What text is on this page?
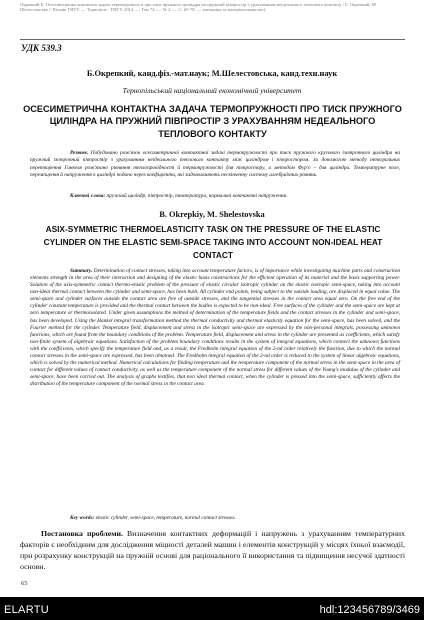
Окрепкий Б. Осесиметрична контактна задача термопружності про тиск пружного циліндра на пружний півпростір з урахуванням неідеального теплового контакту / Б. Окрепкий, М. Шелестовська // Вісник ТНТУ. — Тернопіль : ТНТУ, 2014. — Том 74. — № 2. — С. 65-78. — (механіка та матеріалознавство).
УДК 539.3
Б.Окрепкий, канд.фіз.-мат.наук; М.Шелестовська, канд.техн.наук
Тернопільський національний економічний університет
ОСЕСИМЕТРИЧНА КОНТАКТНА ЗАДАЧА ТЕРМОПРУЖНОСТІ ПРО ТИСК ПРУЖНОГО ЦИЛІНДРА НА ПРУЖНИЙ ПІВПРОСТІР З УРАХУВАННЯМ НЕДЕАЛЬНОГО ТЕПЛОВОГО КОНТАКТУ
Резюме. Побудовано розв'язок осесиметричної контактної задачі термопружності про тиск пружного кругового ізотропного циліндра на пружний ізотропний півпростір з урахуванням неідеального теплового контакту між циліндром і півпростором. За допомогою методу інтегральних перетворення Ганкеля розв'язано рівняння теплопровідності й термопружності для півпростору, а методом Фур'є – для циліндра. Температурне поле, переміщення й напруження в циліндрі подано через коефіцієнти, які задовольняють нескінченну систему алгебраїчних рівнянь.
Ключові слова: пружний циліндр, півпростір, температура, нормальні контактні напруження.
B. Okrepkiy, M. Shelestovska
ASIX-SYMMETRIC THERMOELASTICITY TASK ON THE PRESSURE OF THE ELASTIC CYLINDER ON THE ELASTIC SEMI-SPACE TAKING INTO ACCOUNT NON-IDEAL HEAT CONTACT
Summary. Determination of contact stresses, taking into account temperature factors, is of importance while investigating machine parts and construction elements strength in the area of their interaction and designing of the elastic basis constructions for the efficient operation of its material and the basis supporting power. Solution of the axis-symmetric contact thermo-elastic problem of the pressure of elastic circular isotropic cylinder on the elastic isotropic semi-space, taking into account non-ideal thermal contact between the cylinder and semi-space, has been built. All cylinder end points, being subject to the outside loading, are displaced in equal value. The semi-space and cylinder surfaces outside the contact area are free of outside stresses, and the tangential stresses in the contact area equal zero. On the free end of the cylinder constant temperature is provided and the thermal contact between the bodies is expected to be non-ideal. Free surfaces of the cylinder and the semi-space are kept at zero temperature or thermoisolated. Under given assumptions the method of determination of the temperature fields and the contact stresses in the cylinder and semi-space, has been developed. Using the Hankel integral transformation method the thermal conductivity and thermal elasticity equation for the semi-space, has been solved, and the Fourier method for the cylinder. Temperature field, displacement and stress in the isotropic semi-space are expressed by the non-personal integrals, possessing unknown functions, which are found from the boundary conditions of the problem. Temperature field, displacement and stress in the cylinder are presented as coefficients, which satisfy non-finite system of algebraic equations. Satisfaction of the problem boundary conditions results in the system of integral equations, which connect the unknown functions with the coefficients, which specify the temperature field and, as a result, the Fredholm integral equation of the 2-nd order relatively the function, due to which the normal contact stresses in the semi-space are expressed, has been obtained. The Fredholm integral equation of the 2-nd order is reduced to the system of linear algebraic equations, which is solved by the numerical method. Numerical calculations for finding temperature and the temperature component of the normal stress in the semi-space in the area of contact for different values of contact conductivity, as well as the temperature component of the normal stress for different values of the Young's modulus of the cylinder and semi-space, have been carried out. The analysis of graphs testifies, that non ideal thermal contact, when the cylinder is pressed into the semi-space, sufficiently affects the distribution of the temperature component of the normal stress in the contact area.
Key words: elastic cylinder, semi-space, temperature, normal contact stresses.
Постановка проблеми. Визначення контактних деформацій і напружень з урахуванням температурних факторів є необхідним для дослідження міцності деталей машин і елементів конструкцій у місцях їхньої взаємодії, при розрахунку конструкцій на пружній основі для раціонального її використання та підвищення несучої здатності основи.
65
ELARTU	hdl:123456789/3469
